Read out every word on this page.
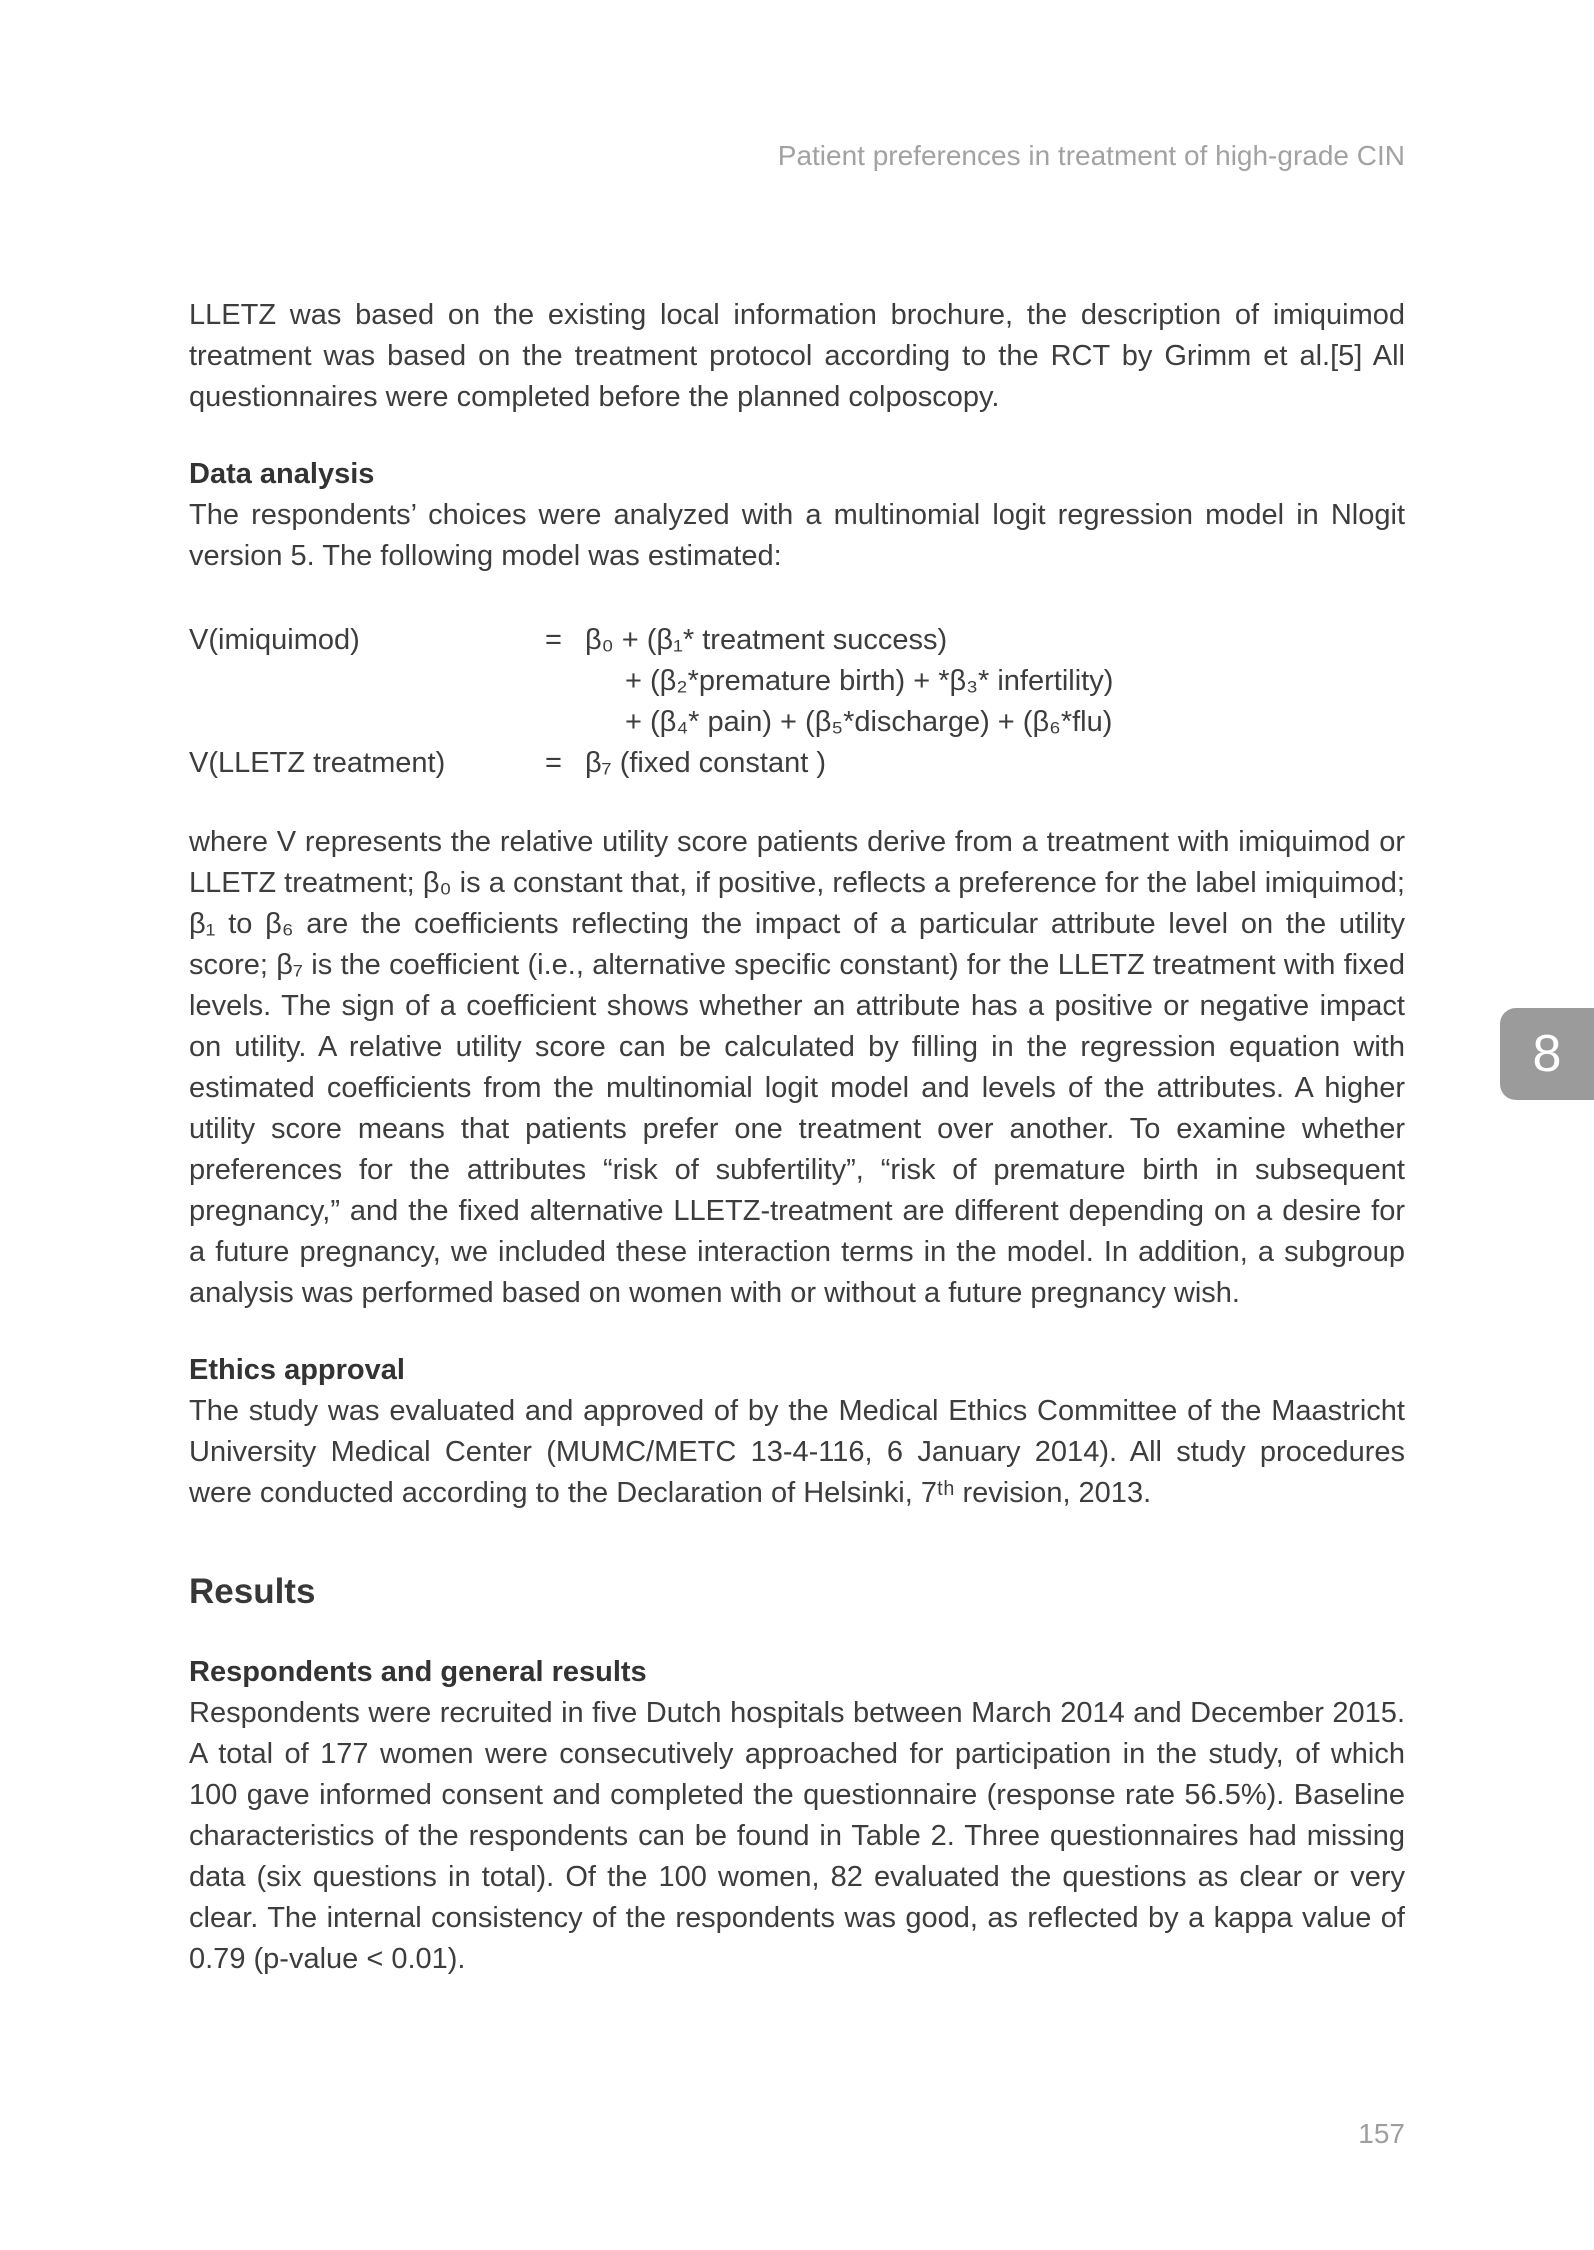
Patient preferences in treatment of high-grade CIN

LLETZ was based on the existing local information brochure, the description of imiquimod treatment was based on the treatment protocol according to the RCT by Grimm et al.[5] All questionnaires were completed before the planned colposcopy.

Data analysis

The respondents’ choices were analyzed with a multinomial logit regression model in Nlogit version 5. The following model was estimated:

V(imiquimod)	= β₀ + (β₁* treatment success)
+ (β₂*premature birth) + *β₃* infertility)
+ (β₄* pain) + (β₅*discharge) + (β₆*flu)
V(LLETZ treatment)	= β₇ (fixed constant )

where V represents the relative utility score patients derive from a treatment with imiquimod or LLETZ treatment; β₀ is a constant that, if positive, reflects a preference for the label imiquimod; β₁ to β₆ are the coefficients reflecting the impact of a particular attribute level on the utility score; β₇ is the coefficient (i.e., alternative specific constant) for the LLETZ treatment with fixed levels. The sign of a coefficient shows whether an attribute has a positive or negative impact on utility. A relative utility score can be calculated by filling in the regression equation with estimated coefficients from the multinomial logit model and levels of the attributes. A higher utility score means that patients prefer one treatment over another. To examine whether preferences for the attributes “risk of subfertility”, “risk of premature birth in subsequent pregnancy,” and the fixed alternative LLETZ-treatment are different depending on a desire for a future pregnancy, we included these interaction terms in the model. In addition, a subgroup analysis was performed based on women with or without a future pregnancy wish.

Ethics approval

The study was evaluated and approved of by the Medical Ethics Committee of the Maastricht University Medical Center (MUMC/METC 13-4-116, 6 January 2014). All study procedures were conducted according to the Declaration of Helsinki, 7ᵗʰ revision, 2013.

Results
Respondents and general results

Respondents were recruited in five Dutch hospitals between March 2014 and December 2015. A total of 177 women were consecutively approached for participation in the study, of which 100 gave informed consent and completed the questionnaire (response rate 56.5%). Baseline characteristics of the respondents can be found in Table 2. Three questionnaires had missing data (six questions in total). Of the 100 women, 82 evaluated the questions as clear or very clear. The internal consistency of the respondents was good, as reflected by a kappa value of 0.79 (p-value < 0.01).

8
157
